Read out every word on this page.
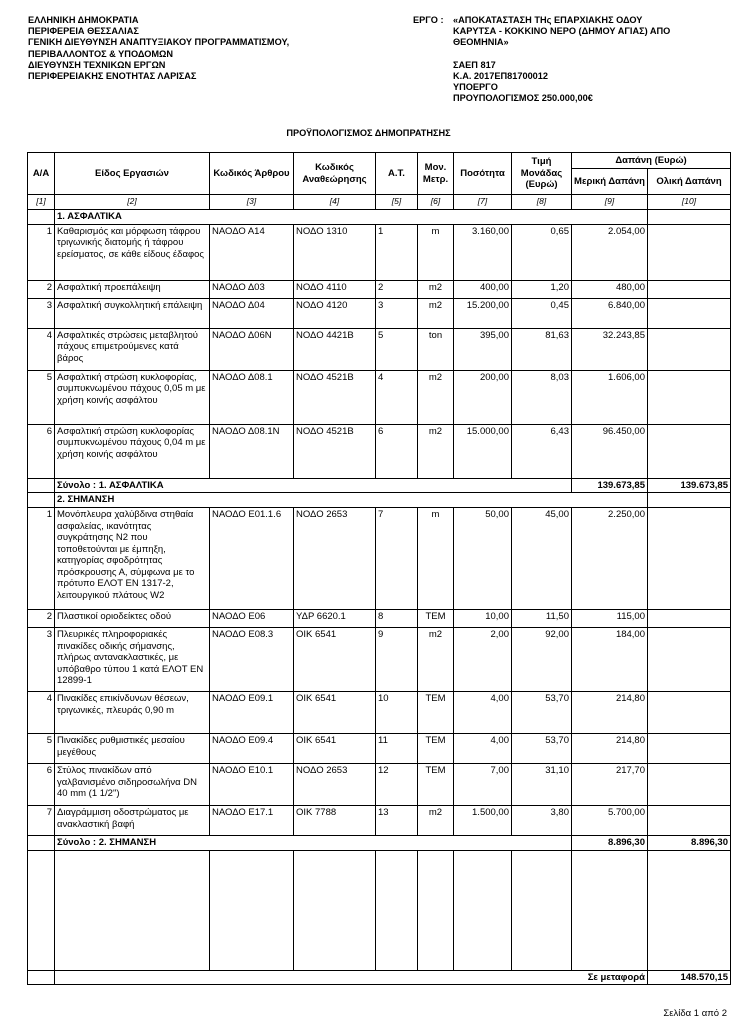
ΕΛΛΗΝΙΚΗ ΔΗΜΟΚΡΑΤΙΑ
ΠΕΡΙΦΕΡΕΙΑ ΘΕΣΣΑΛΙΑΣ
ΓΕΝΙΚΗ ΔΙΕΥΘΥΝΣΗ ΑΝΑΠΤΥΞΙΑΚΟΥ ΠΡΟΓΡΑΜΜΑΤΙΣΜΟΥ,
ΠΕΡΙΒΑΛΛΟΝΤΟΣ & ΥΠΟΔΟΜΩΝ
ΔΙΕΥΘΥΝΣΗ ΤΕΧΝΙΚΩΝ ΕΡΓΩΝ
ΠΕΡΙΦΕΡΕΙΑΚΗΣ ΕΝΟΤΗΤΑΣ ΛΑΡΙΣΑΣ
ΕΡΓΟ : «ΑΠΟΚΑΤΑΣΤΑΣΗ ΤΗς ΕΠΑΡΧΙΑΚΗΣ ΟΔΟΥ
ΚΑΡΥΤΣΑ - ΚΟΚΚΙΝΟ ΝΕΡΟ (ΔΗΜΟΥ ΑΓΙΑΣ) ΑΠΟ
ΘΕΟΜΗΝΙΑ»
ΣΑΕΠ 817
Κ.Α. 2017ΕΠ81700012
ΥΠΟΕΡΓΟ
ΠΡΟΥΠΟΛΟΓΙΣΜΟΣ 250.000,00€
ΠΡΟΫΠΟΛΟΓΙΣΜΟΣ ΔΗΜΟΠΡΑΤΗΣΗΣ
Α/Α	Είδος Εργασιών	Κωδικός Άρθρου	Κωδικός Αναθεώρησης	Α.Τ.	Μον. Μετρ.	Ποσότητα	Τιμή Μονάδας (Ευρώ)	Δαπάνη (Ευρώ)	
								Μερική Δαπάνη	Ολική Δαπάνη
[1]	[2]	[3]	[4]	[5]	[6]	[7]	[8]	[9]	[10]
	1. ΑΣΦΑΛΤΙΚΑ								
1	Καθαρισμός και μόρφωση τάφρου τριγωνικής διατομής ή τάφρου ερείσματος, σε κάθε είδους έδαφος	ΝΑΟΔΟ Α14	ΝΟΔΟ 1310	1	m	3.160,00	0,65	2.054,00	
2	Ασφαλτική προεπάλειψη	ΝΑΟΔΟ Δ03	ΝΟΔΟ 4110	2	m2	400,00	1,20	480,00	
3	Ασφαλτική συγκολλητική επάλειψη	ΝΑΟΔΟ Δ04	ΝΟΔΟ 4120	3	m2	15.200,00	0,45	6.840,00	
4	Ασφαλτικές στρώσεις μεταβλητού πάχους επιμετρούμενες κατά βάρος	ΝΑΟΔΟ Δ06Ν	ΝΟΔΟ 4421Β	5	ton	395,00	81,63	32.243,85	
5	Ασφαλτική στρώση κυκλοφορίας, συμπυκνωμένου πάχους 0,05 m με χρήση κοινής ασφάλτου	ΝΑΟΔΟ Δ08.1	ΝΟΔΟ 4521Β	4	m2	200,00	8,03	1.606,00	
6	Ασφαλτική στρώση κυκλοφορίας συμπυκνωμένου πάχους 0,04 m με χρήση κοινής ασφάλτου	ΝΑΟΔΟ Δ08.1Ν	ΝΟΔΟ 4521Β	6	m2	15.000,00	6,43	96.450,00	
	Σύνολο : 1. ΑΣΦΑΛΤΙΚΑ							139.673,85	139.673,85
	2. ΣΗΜΑΝΣΗ								
1	Μονόπλευρα χαλύβδινα στηθαία ασφαλείας, ικανότητας συγκράτησης Ν2 που τοποθετούνται με έμπηξη, κατηγορίας σφοδρότητας πρόσκρουσης Α, σύμφωνα με το πρότυπο ΕΛΟΤ ΕΝ 1317-2, λειτουργικού πλάτους W2	ΝΑΟΔΟ Ε01.1.6	ΝΟΔΟ 2653	7	m	50,00	45,00	2.250,00	
2	Πλαστικοί οριοδείκτες οδού	ΝΑΟΔΟ Ε06	ΥΔΡ 6620.1	8	ΤΕΜ	10,00	11,50	115,00	
3	Πλευρικές πληροφοριακές πινακίδες οδικής σήμανσης, πλήρως αντανακλαστικές, με υπόβαθρο τύπου 1 κατά ΕΛΟΤ ΕΝ 12899-1	ΝΑΟΔΟ Ε08.3	ΟΙΚ 6541	9	m2	2,00	92,00	184,00	
4	Πινακίδες επικίνδυνων θέσεων, τριγωνικές, πλευράς 0,90 m	ΝΑΟΔΟ Ε09.1	ΟΙΚ 6541	10	ΤΕΜ	4,00	53,70	214,80	
5	Πινακίδες ρυθμιστικές μεσαίου μεγέθους	ΝΑΟΔΟ Ε09.4	ΟΙΚ 6541	11	ΤΕΜ	4,00	53,70	214,80	
6	Στύλος πινακίδων από γαλβανισμένο σιδηροσωλήνα DN 40 mm (1 1/2")	ΝΑΟΔΟ Ε10.1	ΝΟΔΟ 2653	12	ΤΕΜ	7,00	31,10	217,70	
7	Διαγράμμιση οδοστρώματος με ανακλαστική βαφή	ΝΑΟΔΟ Ε17.1	ΟΙΚ 7788	13	m2	1.500,00	3,80	5.700,00	
	Σύνολο : 2. ΣΗΜΑΝΣΗ							8.896,30	8.896,30

	Σε μεταφορά								148.570,15
Σελίδα 1 από 2
